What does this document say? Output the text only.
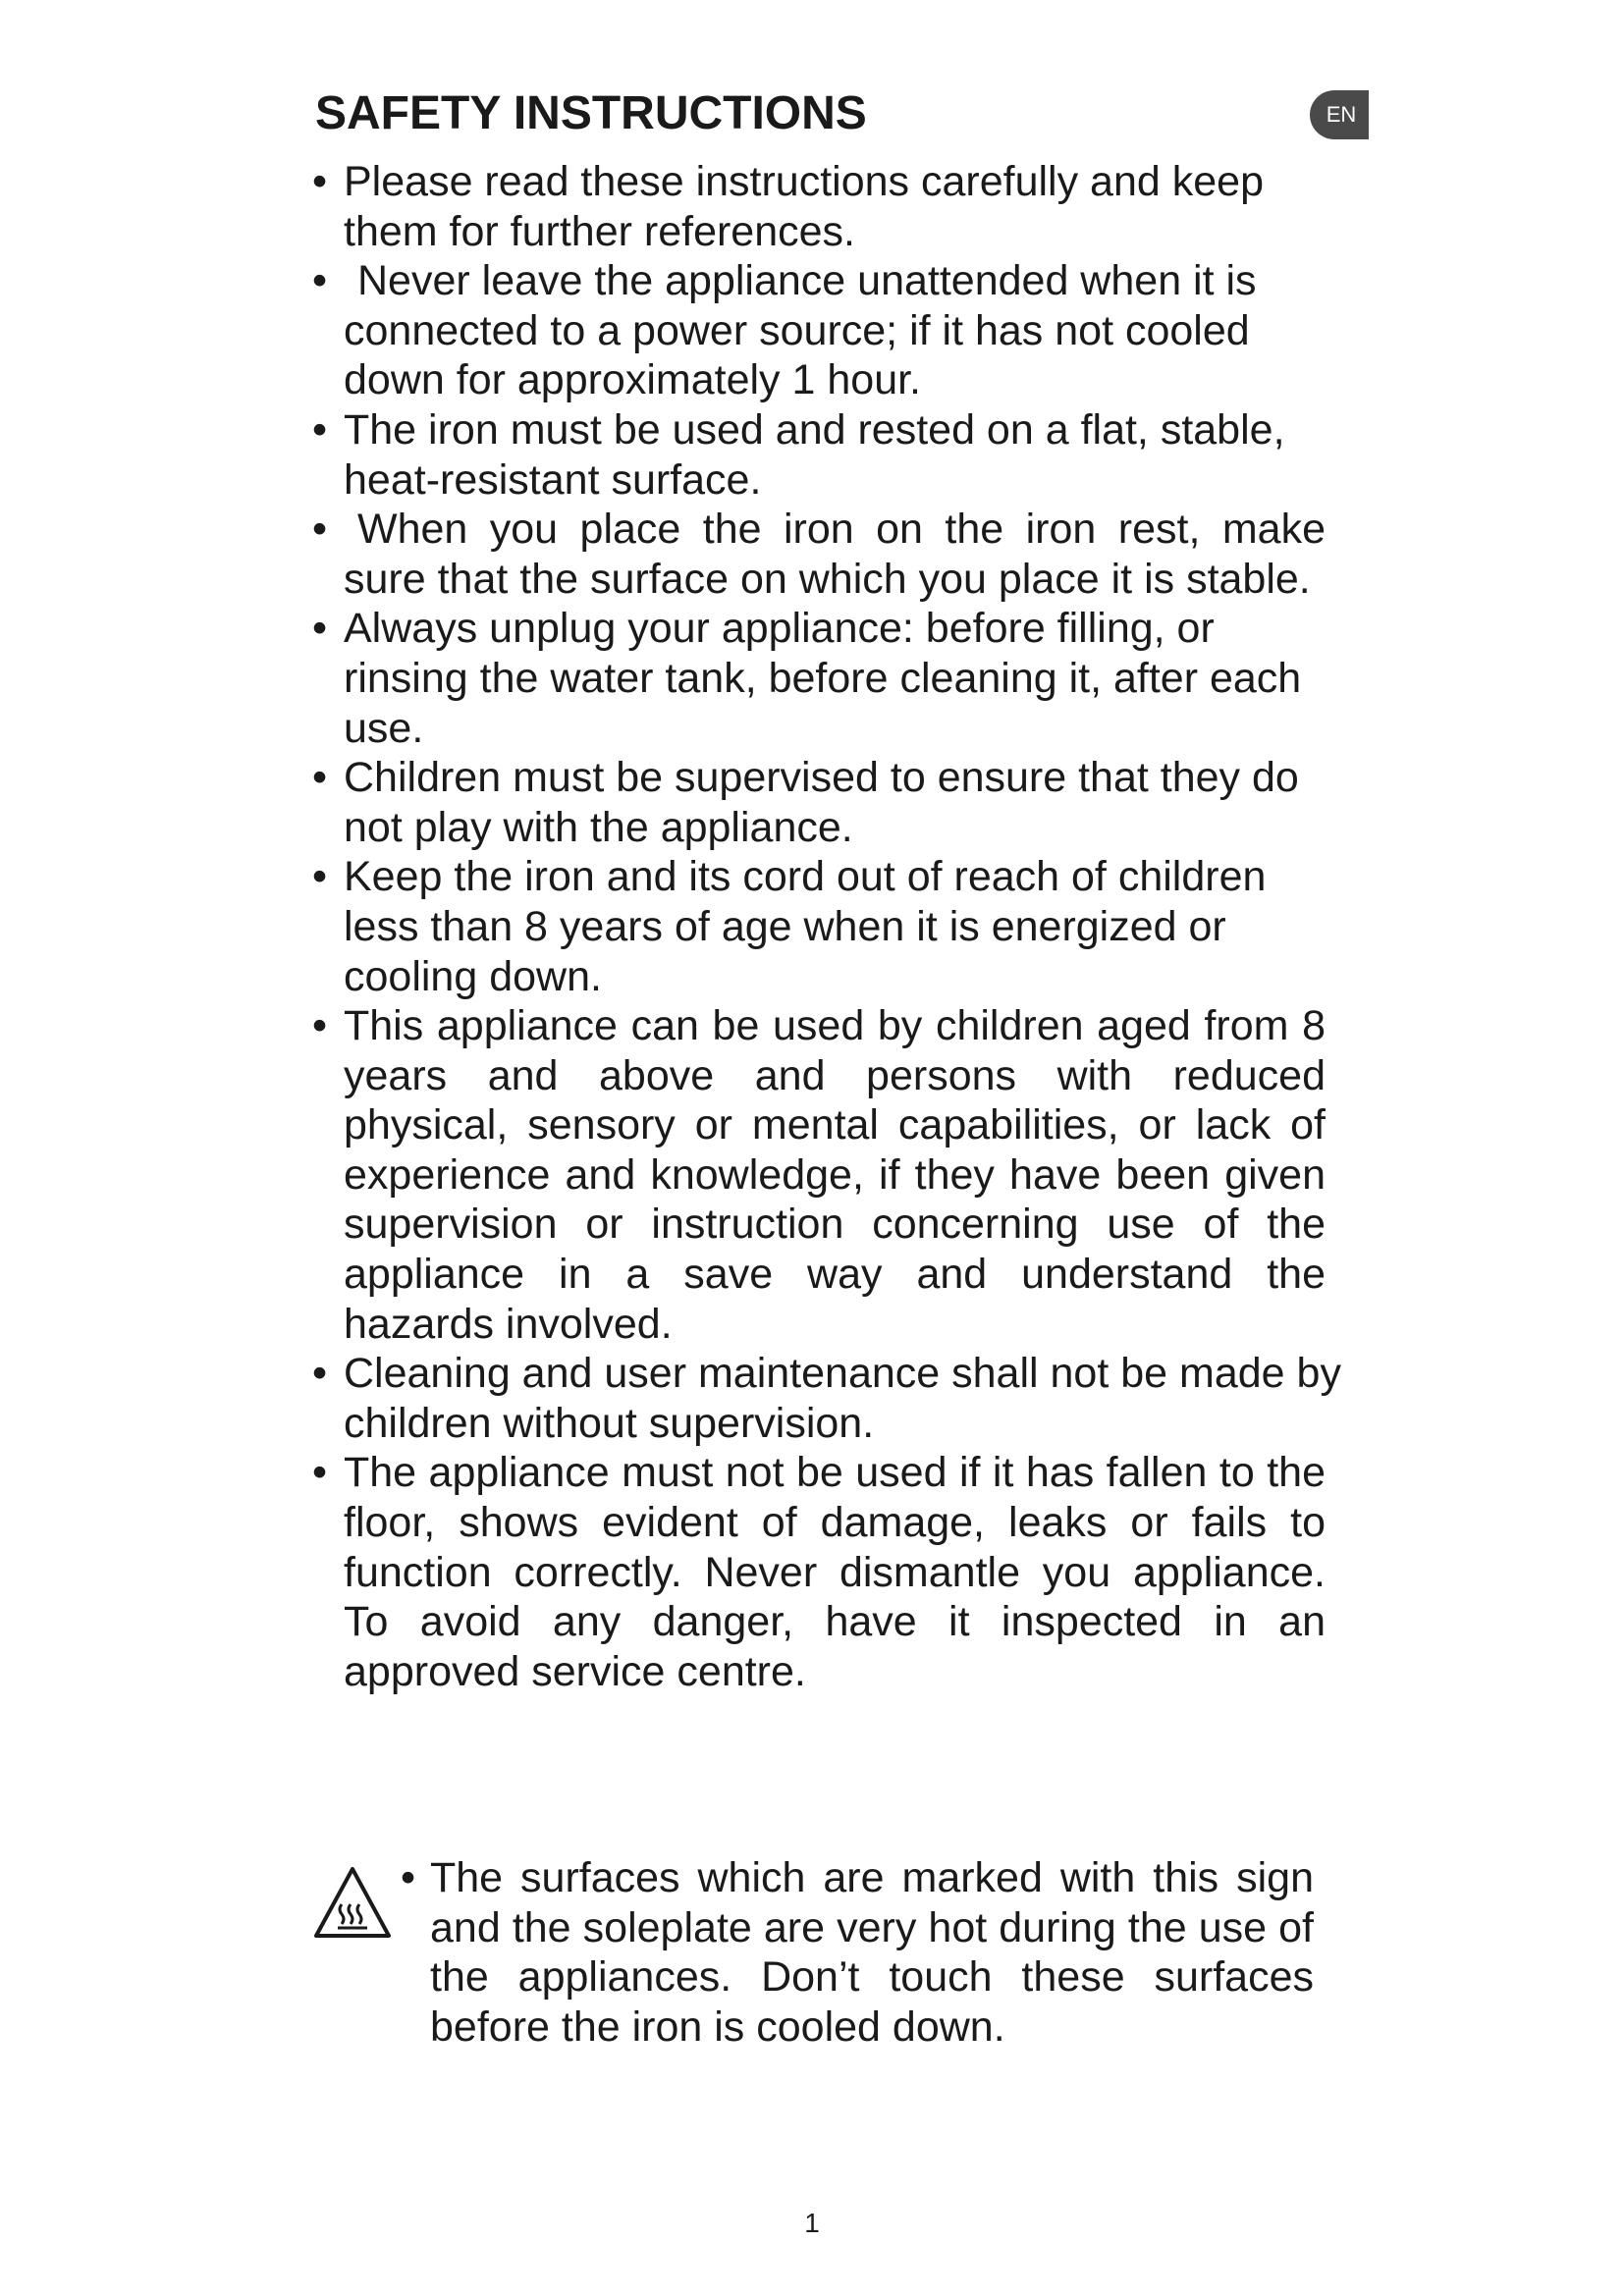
SAFETY INSTRUCTIONS	EN
• Please read these instructions carefully and keep them for further references.
• Never leave the appliance unattended when it is connected to a power source; if it has not cooled down for approximately 1 hour.
• The iron must be used and rested on a flat, stable, heat-resistant surface.
• When you place the iron on the iron rest, make sure that the surface on which you place it is stable.
• Always unplug your appliance: before filling, or rinsing the water tank, before cleaning it, after each use.
• Children must be supervised to ensure that they do not play with the appliance.
• Keep the iron and its cord out of reach of children less than 8 years of age when it is energized or cooling down.
• This appliance can be used by children aged from 8 years and above and persons with reduced physical, sensory or mental capabilities, or lack of experience and knowledge, if they have been given supervision or instruction concerning use of the appliance in a save way and understand the hazards involved.
• Cleaning and user maintenance shall not be made by children without supervision.
• The appliance must not be used if it has fallen to the floor, shows evident of damage, leaks or fails to function correctly. Never dismantle you appliance. To avoid any danger, have it inspected in an approved service centre.
• The surfaces which are marked with this sign and the soleplate are very hot during the use of the appliances. Don’t touch these surfaces before the iron is cooled down.
1
